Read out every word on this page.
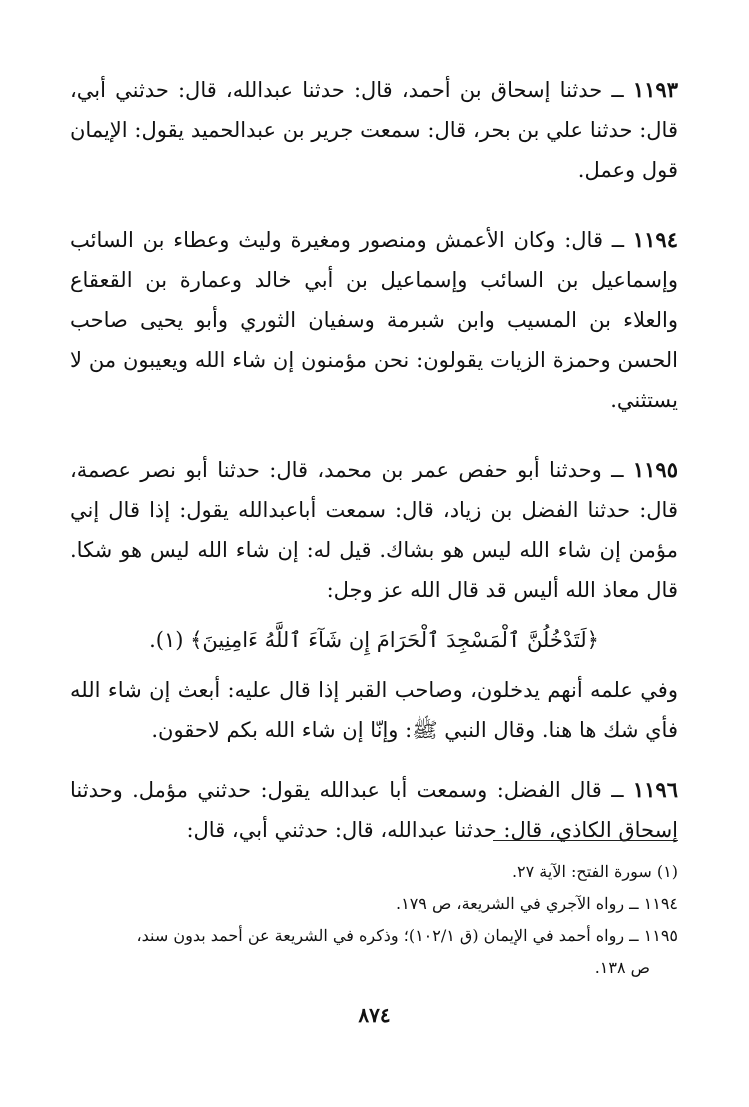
١١٩٣ ــ حدثنا إسحاق بن أحمد، قال: حدثنا عبدالله، قال: حدثني أبي، قال: حدثنا علي بن بحر، قال: سمعت جرير بن عبدالحميد يقول: الإيمان قول وعمل.

١١٩٤ ــ قال: وكان الأعمش ومنصور ومغيرة وليث وعطاء بن السائب وإسماعيل بن السائب وإسماعيل بن أبي خالد وعمارة بن القعقاع والعلاء بن المسيب وابن شبرمة وسفيان الثوري وأبو يحيى صاحب الحسن وحمزة الزيات يقولون: نحن مؤمنون إن شاء الله ويعيبون من لا يستثني.

١١٩٥ ــ وحدثنا أبو حفص عمر بن محمد، قال: حدثنا أبو نصر عصمة، قال: حدثنا الفضل بن زياد، قال: سمعت أباعبدالله يقول: إذا قال إني مؤمن إن شاء الله ليس هو بشاك. قيل له: إن شاء الله ليس هو شكا. قال معاذ الله أليس قد قال الله عز وجل:

﴿لَتَدْخُلُنَّ ٱلْمَسْجِدَ ٱلْحَرَامَ إِن شَآءَ ٱللَّهُ ءَامِنِينَ﴾ (١).

وفي علمه أنهم يدخلون، وصاحب القبر إذا قال عليه: أبعث إن شاء الله فأي شك ها هنا. وقال النبي ﷺ: وإنّا إن شاء الله بكم لاحقون.

١١٩٦ ــ قال الفضل: وسمعت أبا عبدالله يقول: حدثني مؤمل. وحدثنا إسحاق الكاذي، قال: حدثنا عبدالله، قال: حدثني أبي، قال:

(١) سورة الفتح: الآية ٢٧.

١١٩٤ ــ رواه الآجري في الشريعة، ص ١٧٩.

١١٩٥ ــ رواه أحمد في الإيمان (ق ١٠٢/١)؛ وذكره في الشريعة عن أحمد بدون سند،

ص ١٣٨.

٨٧٤
